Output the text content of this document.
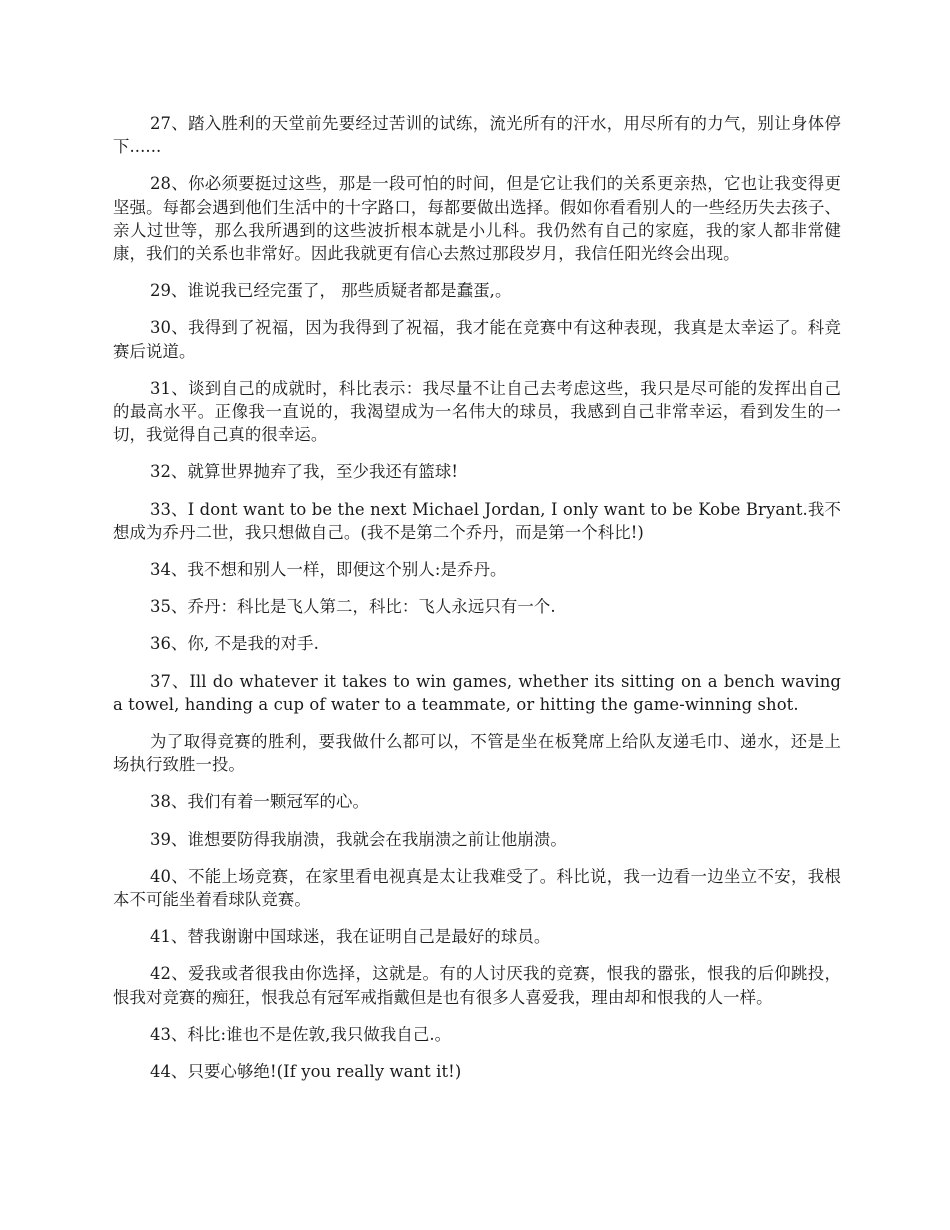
27、踏入胜利的天堂前先要经过苦训的试练，流光所有的汗水，用尽所有的力气，别让身体停下......

28、你必须要挺过这些，那是一段可怕的时间，但是它让我们的关系更亲热，它也让我变得更坚强。每都会遇到他们生活中的十字路口，每都要做出选择。假如你看看别人的一些经历失去孩子、亲人过世等，那么我所遇到的这些波折根本就是小儿科。我仍然有自己的家庭，我的家人都非常健康，我们的关系也非常好。因此我就更有信心去熬过那段岁月，我信任阳光终会出现。

29、谁说我已经完蛋了， 那些质疑者都是蠢蛋,。

30、我得到了祝福，因为我得到了祝福，我才能在竞赛中有这种表现，我真是太幸运了。科竞赛后说道。

31、谈到自己的成就时，科比表示：我尽量不让自己去考虑这些，我只是尽可能的发挥出自己的最高水平。正像我一直说的，我渴望成为一名伟大的球员，我感到自己非常幸运，看到发生的一切，我觉得自己真的很幸运。

32、就算世界抛弃了我，至少我还有篮球!

33、I dont want to be the next Michael Jordan, I only want to be Kobe Bryant.我不想成为乔丹二世，我只想做自己。(我不是第二个乔丹，而是第一个科比!)

34、我不想和别人一样，即便这个别人:是乔丹。

35、乔丹：科比是飞人第二，科比：飞人永远只有一个.

36、你, 不是我的对手.

37、Ill do whatever it takes to win games, whether its sitting on a bench waving a towel, handing a cup of water to a teammate, or hitting the game-winning shot.

为了取得竞赛的胜利，要我做什么都可以，不管是坐在板凳席上给队友递毛巾、递水，还是上场执行致胜一投。

38、我们有着一颗冠军的心。

39、谁想要防得我崩溃，我就会在我崩溃之前让他崩溃。

40、不能上场竞赛，在家里看电视真是太让我难受了。科比说，我一边看一边坐立不安，我根本不可能坐着看球队竞赛。

41、替我谢谢中国球迷，我在证明自己是最好的球员。

42、爱我或者很我由你选择，这就是。有的人讨厌我的竞赛，恨我的嚣张，恨我的后仰跳投，恨我对竞赛的痴狂，恨我总有冠军戒指戴但是也有很多人喜爱我，理由却和恨我的人一样。

43、科比:谁也不是佐敦,我只做我自己.。

44、只要心够绝!(If you really want it!)
